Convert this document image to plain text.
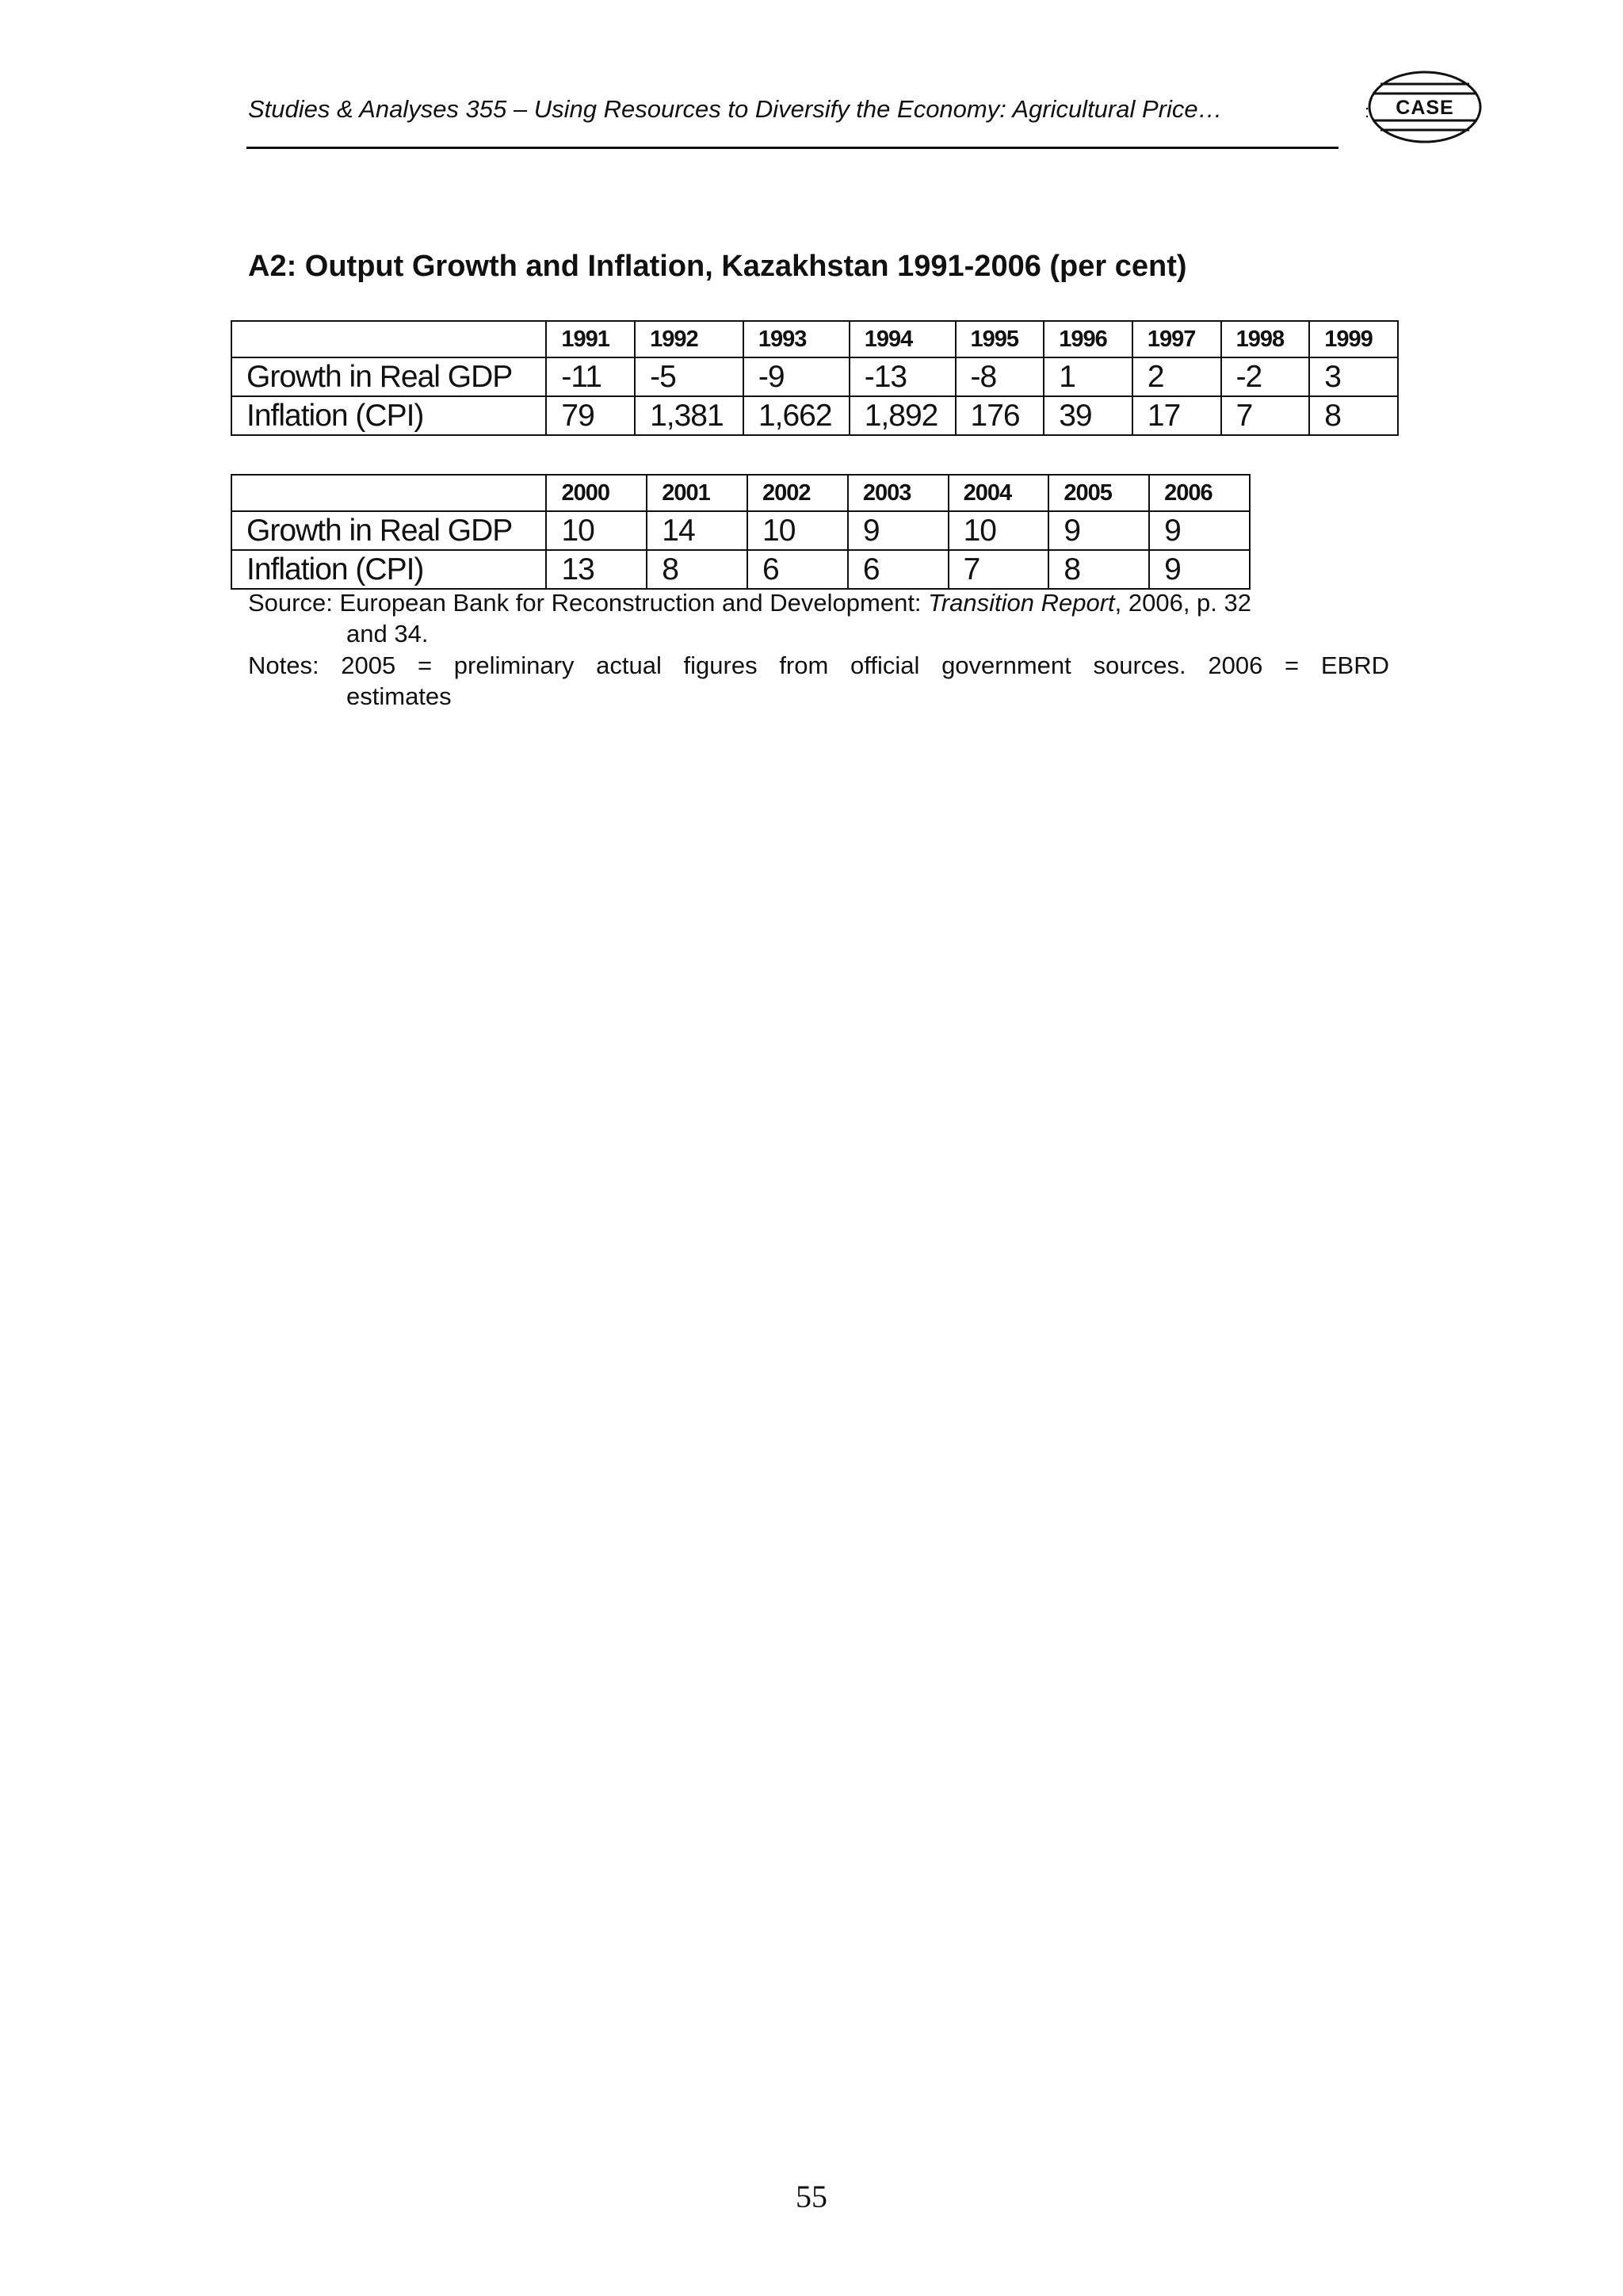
Studies & Analyses 355 – Using Resources to Diversify the Economy: Agricultural Price…	CASE
:
A2: Output Growth and Inflation, Kazakhstan 1991-2006 (per cent)
	1991	1992	1993	1994	1995	1996	1997	1998	1999
Growth in Real GDP	-11	-5	-9	-13	-8	1	2	-2	3
Inflation (CPI)	79	1,381	1,662	1,892	176	39	17	7	8
	2000	2001	2002	2003	2004	2005	2006
Growth in Real GDP	10	14	10	9	10	9	9
Inflation (CPI)	13	8	6	6	7	8	9
Source: European Bank for Reconstruction and Development: Transition Report, 2006, p. 32
and 34.
Notes: 2005 = preliminary actual figures from official government sources. 2006 = EBRD
estimates
55
